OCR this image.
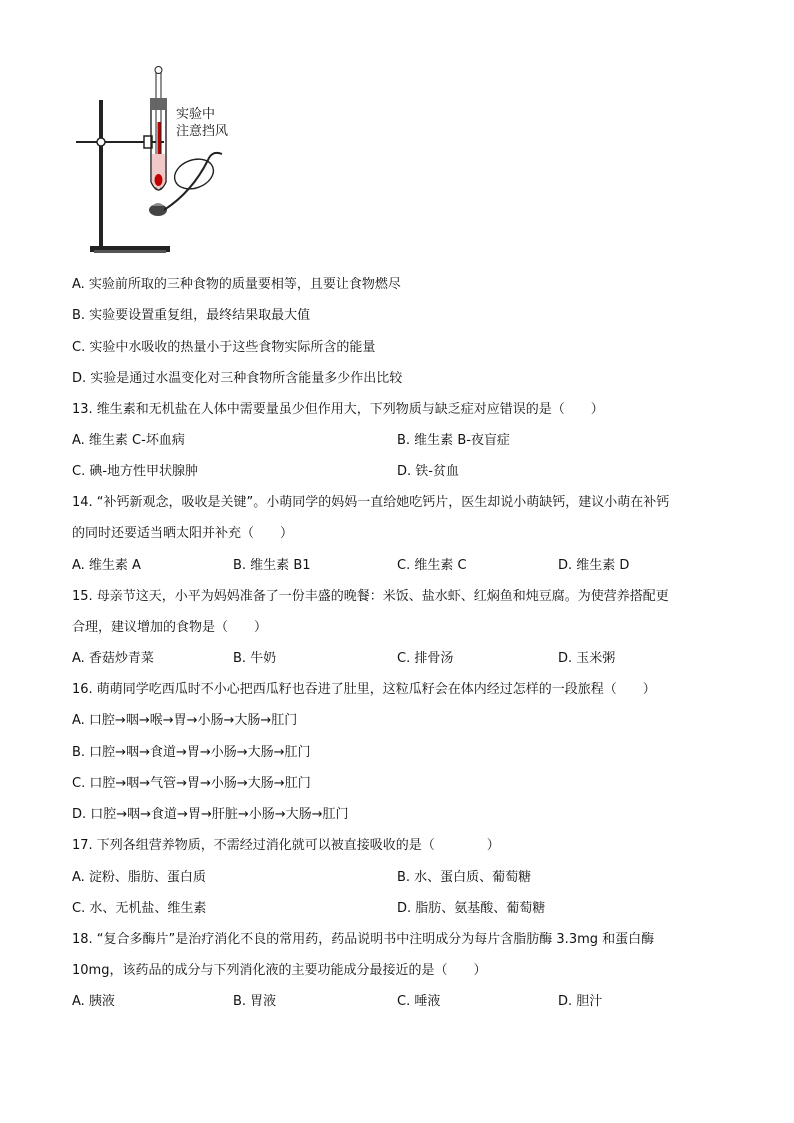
实验中
注意挡风
A. 实验前所取的三种食物的质量要相等，且要让食物燃尽
B. 实验要设置重复组，最终结果取最大值
C. 实验中水吸收的热量小于这些食物实际所含的能量
D. 实验是通过水温变化对三种食物所含能量多少作出比较
13. 维生素和无机盐在人体中需要量虽少但作用大，下列物质与缺乏症对应错误的是（　　）
A. 维生素 C-坏血病	B. 维生素 B-夜盲症
C. 碘-地方性甲状腺肿	D. 铁-贫血
14. “补钙新观念，吸收是关键”。小萌同学的妈妈一直给她吃钙片，医生却说小萌缺钙，建议小萌在补钙
的同时还要适当晒太阳并补充（　　）
A. 维生素 A	B. 维生素 B1	C. 维生素 C	D. 维生素 D
15. 母亲节这天，小平为妈妈准备了一份丰盛的晚餐：米饭、盐水虾、红焖鱼和炖豆腐。为使营养搭配更
合理，建议增加的食物是（　　）
A. 香菇炒青菜	B. 牛奶	C. 排骨汤	D. 玉米粥
16. 萌萌同学吃西瓜时不小心把西瓜籽也吞进了肚里，这粒瓜籽会在体内经过怎样的一段旅程（　　）
A. 口腔→咽→喉→胃→小肠→大肠→肛门
B. 口腔→咽→食道→胃→小肠→大肠→肛门
C. 口腔→咽→气管→胃→小肠→大肠→肛门
D. 口腔→咽→食道→胃→肝脏→小肠→大肠→肛门
17. 下列各组营养物质，不需经过消化就可以被直接吸收的是（　　　　）
A. 淀粉、脂肪、蛋白质	B. 水、蛋白质、葡萄糖
C. 水、无机盐、维生素	D. 脂肪、氨基酸、葡萄糖
18. “复合多酶片”是治疗消化不良的常用药，药品说明书中注明成分为每片含脂肪酶 3.3mg 和蛋白酶
10mg，该药品的成分与下列消化液的主要功能成分最接近的是（　　）
A. 胰液	B. 胃液	C. 唾液	D. 胆汁
